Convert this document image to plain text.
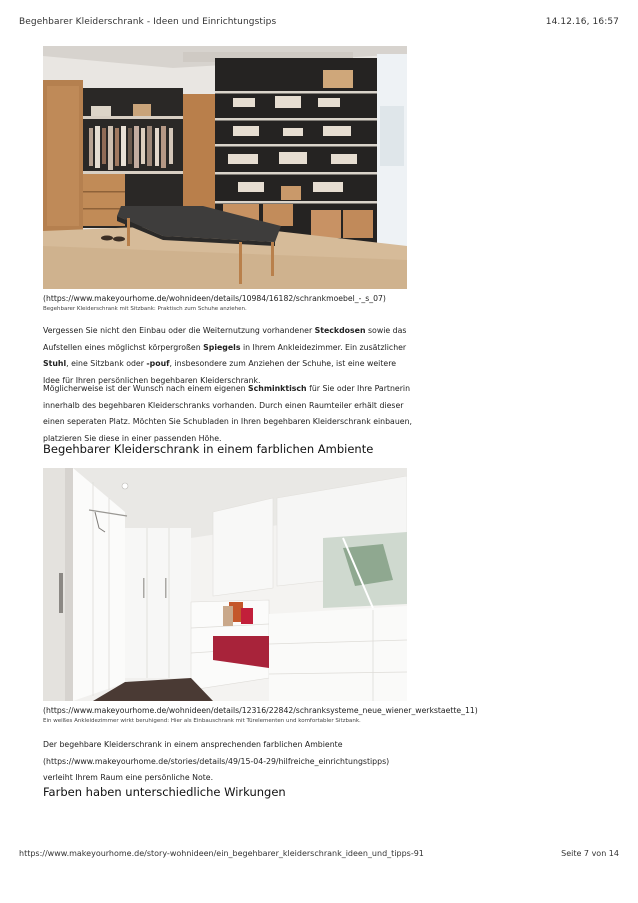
Begehbarer Kleiderschrank - Ideen und Einrichtungstips	14.12.16, 16:57
(https://www.makeyourhome.de/wohnideen/details/10984/16182/schrankmoebel_-_s_07)
Begehbarer Kleiderschrank mit Sitzbank: Praktisch zum Schuhe anziehen.

Vergessen Sie nicht den Einbau oder die Weiternutzung vorhandener Steckdosen sowie das Aufstellen eines möglichst körpergroßen Spiegels in Ihrem Ankleidezimmer. Ein zusätzlicher Stuhl, eine Sitzbank oder -pouf, insbesondere zum Anziehen der Schuhe, ist eine weitere Idee für Ihren persönlichen begehbaren Kleiderschrank.

Möglicherweise ist der Wunsch nach einem eigenen Schminktisch für Sie oder Ihre Partnerin innerhalb des begehbaren Kleiderschranks vorhanden. Durch einen Raumteiler erhält dieser einen seperaten Platz. Möchten Sie Schubladen in Ihren begehbaren Kleiderschrank einbauen, platzieren Sie diese in einer passenden Höhe.

Begehbarer Kleiderschrank in einem farblichen Ambiente
(https://www.makeyourhome.de/wohnideen/details/12316/22842/schranksysteme_neue_wiener_werkstaette_11)
Ein weißes Ankleidezimmer wirkt beruhigend: Hier als Einbauschrank mit Türelementen und komfortabler Sitzbank.

Der begehbare Kleiderschrank in einem ansprechenden farblichen Ambiente
(https://www.makeyourhome.de/stories/details/49/15-04-29/hilfreiche_einrichtungstipps)
verleiht Ihrem Raum eine persönliche Note.

Farben haben unterschiedliche Wirkungen
https://www.makeyourhome.de/story-wohnideen/ein_begehbarer_kleiderschrank_ideen_und_tipps-91	Seite 7 von 14
